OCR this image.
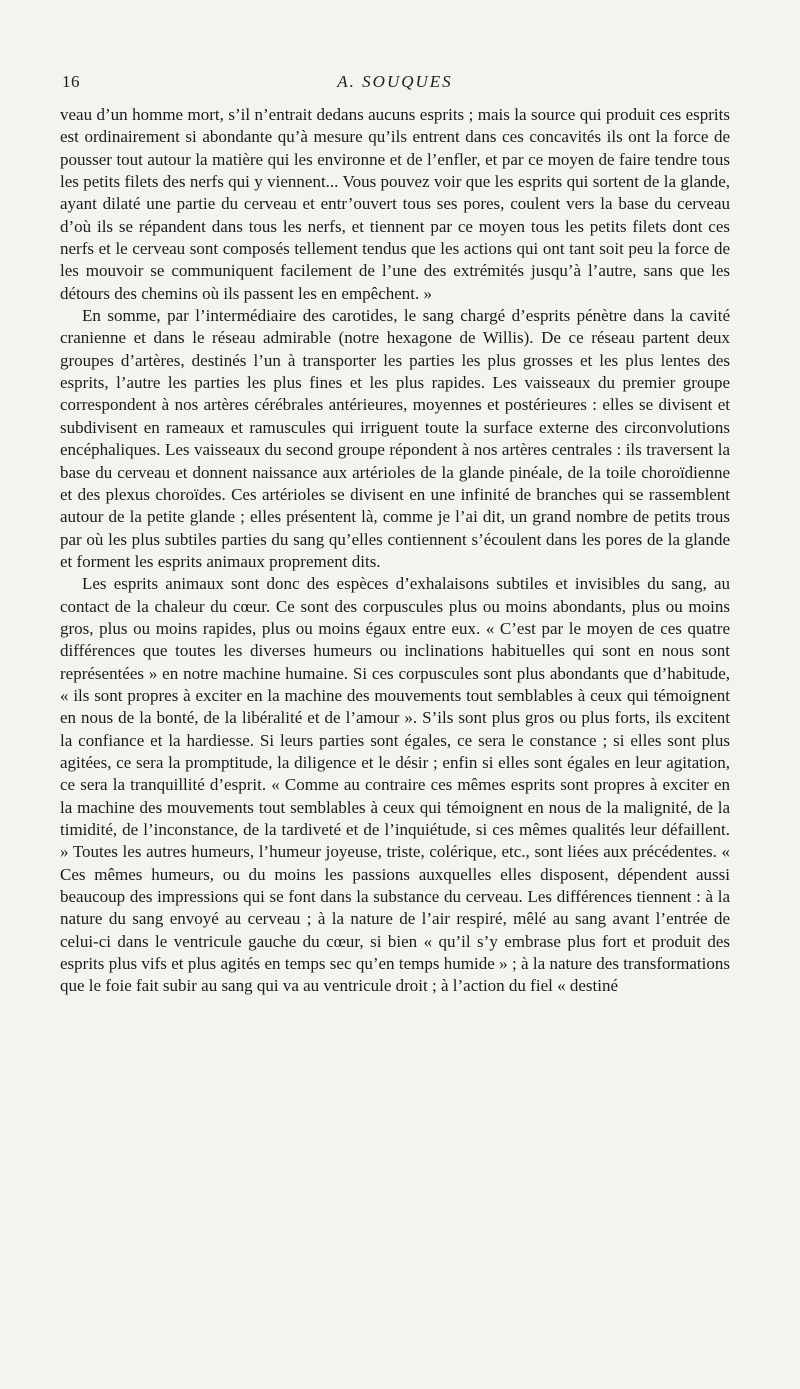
16	A. SOUQUES

veau d’un homme mort, s’il n’entrait dedans aucuns esprits ; mais la source qui produit ces esprits est ordinairement si abondante qu’à mesure qu’ils entrent dans ces concavités ils ont la force de pousser tout autour la matière qui les environne et de l’enfler, et par ce moyen de faire tendre tous les petits filets des nerfs qui y viennent... Vous pouvez voir que les esprits qui sortent de la glande, ayant dilaté une partie du cerveau et entr’ouvert tous ses pores, coulent vers la base du cerveau d’où ils se répandent dans tous les nerfs, et tiennent par ce moyen tous les petits filets dont ces nerfs et le cerveau sont composés tellement tendus que les actions qui ont tant soit peu la force de les mouvoir se communiquent facilement de l’une des extrémités jusqu’à l’autre, sans que les détours des chemins où ils passent les en empêchent. »

En somme, par l’intermédiaire des carotides, le sang chargé d’esprits pénètre dans la cavité cranienne et dans le réseau admirable (notre hexagone de Willis). De ce réseau partent deux groupes d’artères, destinés l’un à transporter les parties les plus grosses et les plus lentes des esprits, l’autre les parties les plus fines et les plus rapides. Les vaisseaux du premier groupe correspondent à nos artères cérébrales antérieures, moyennes et postérieures : elles se divisent et subdivisent en rameaux et ramuscules qui irriguent toute la surface externe des circonvolutions encéphaliques. Les vaisseaux du second groupe répondent à nos artères centrales : ils traversent la base du cerveau et donnent naissance aux artérioles de la glande pinéale, de la toile choroïdienne et des plexus choroïdes. Ces artérioles se divisent en une infinité de branches qui se rassemblent autour de la petite glande ; elles présentent là, comme je l’ai dit, un grand nombre de petits trous par où les plus subtiles parties du sang qu’elles contiennent s’écoulent dans les pores de la glande et forment les esprits animaux proprement dits.

Les esprits animaux sont donc des espèces d’exhalaisons subtiles et invisibles du sang, au contact de la chaleur du cœur. Ce sont des corpuscules plus ou moins abondants, plus ou moins gros, plus ou moins rapides, plus ou moins égaux entre eux. « C’est par le moyen de ces quatre différences que toutes les diverses humeurs ou inclinations habituelles qui sont en nous sont représentées » en notre machine humaine. Si ces corpuscules sont plus abondants que d’habitude, « ils sont propres à exciter en la machine des mouvements tout semblables à ceux qui témoignent en nous de la bonté, de la libéralité et de l’amour ». S’ils sont plus gros ou plus forts, ils excitent la confiance et la hardiesse. Si leurs parties sont égales, ce sera le constance ; si elles sont plus agitées, ce sera la promptitude, la diligence et le désir ; enfin si elles sont égales en leur agitation, ce sera la tranquillité d’esprit. « Comme au contraire ces mêmes esprits sont propres à exciter en la machine des mouvements tout semblables à ceux qui témoignent en nous de la malignité, de la timidité, de l’inconstance, de la tardiveté et de l’inquiétude, si ces mêmes qualités leur défaillent. » Toutes les autres humeurs, l’humeur joyeuse, triste, colérique, etc., sont liées aux précédentes. « Ces mêmes humeurs, ou du moins les passions auxquelles elles disposent, dépendent aussi beaucoup des impressions qui se font dans la substance du cerveau. Les différences tiennent : à la nature du sang envoyé au cerveau ; à la nature de l’air respiré, mêlé au sang avant l’entrée de celui-ci dans le ventricule gauche du cœur, si bien « qu’il s’y embrase plus fort et produit des esprits plus vifs et plus agités en temps sec qu’en temps humide » ; à la nature des transformations que le foie fait subir au sang qui va au ventricule droit ; à l’action du fiel « destiné
